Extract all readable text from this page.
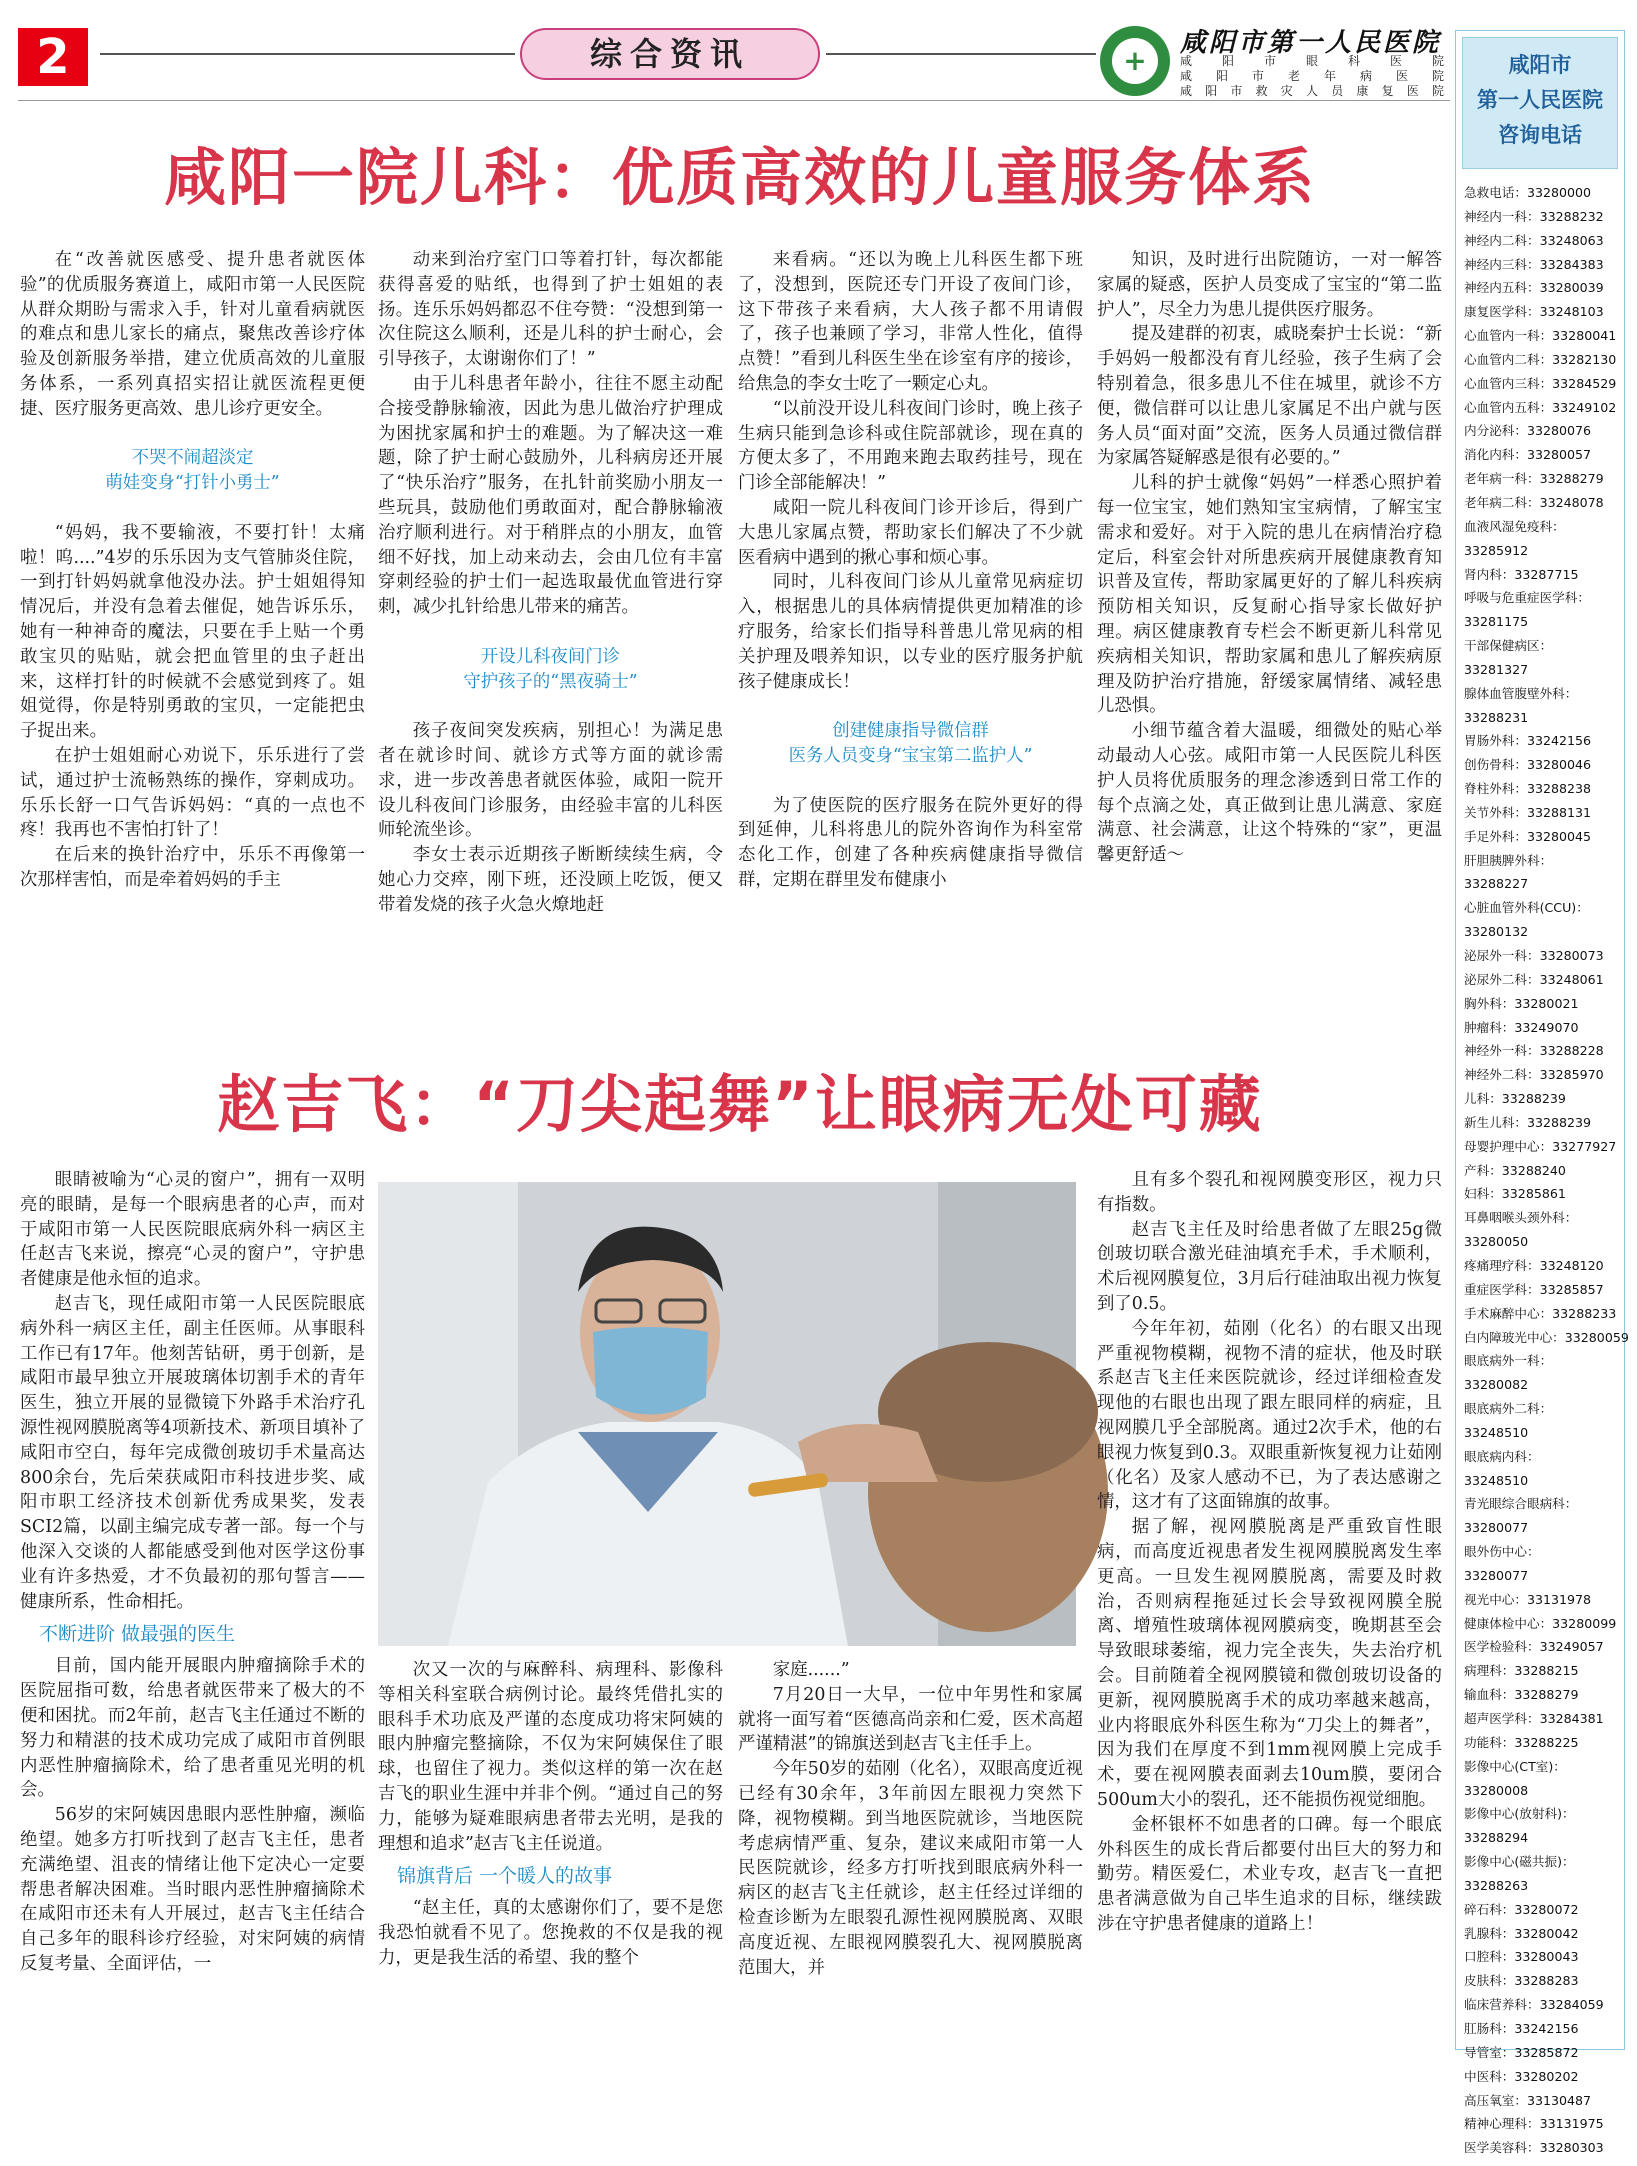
2	综合资讯	+
咸阳市第一人民医院
咸阳市眼科医院
咸阳市老年病医院
咸阳市救灾人员康复医院
咸阳市
第一人民医院
咨询电话
急救电话：33280000
神经内一科：33288232
神经内二科：33248063
神经内三科：33284383
神经内五科：33280039
康复医学科：33248103
心血管内一科：33280041
心血管内二科：33282130
心血管内三科：33284529
心血管内五科：33249102
内分泌科：33280076
消化内科：33280057
老年病一科：33288279
老年病二科：33248078
血液风湿免疫科：
33285912
肾内科：33287715
呼吸与危重症医学科：
33281175
干部保健病区：
33281327
腺体血管腹壁外科：
33288231
胃肠外科：33242156
创伤骨科：33280046
脊柱外科：33288238
关节外科：33288131
手足外科：33280045
肝胆胰脾外科：
33288227
心脏血管外科(CCU)：
33280132
泌尿外一科：33280073
泌尿外二科：33248061
胸外科：33280021
肿瘤科：33249070
神经外一科：33288228
神经外二科：33285970
儿科：33288239
新生儿科：33288239
母婴护理中心：33277927
产科：33288240
妇科：33285861
耳鼻咽喉头颈外科：
33280050
疼痛理疗科：33248120
重症医学科：33285857
手术麻醉中心：33288233
白内障玻光中心：33280059
眼底病外一科：
33280082
眼底病外二科：
33248510
眼底病内科：
33248510
青光眼综合眼病科：
33280077
眼外伤中心：
33280077
视光中心：33131978
健康体检中心：33280099
医学检验科：33249057
病理科：33288215
输血科：33288279
超声医学科：33284381
功能科：33288225
影像中心(CT室)：
33280008
影像中心(放射科)：
33288294
影像中心(磁共振)：
33288263
碎石科：33280072
乳腺科：33280042
口腔科：33280043
皮肤科：33288283
临床营养科：33284059
肛肠科：33242156
导管室：33285872
中医科：33280202
高压氧室：33130487
精神心理科：33131975
医学美容科：33280303
咸阳一院儿科：优质高效的儿童服务体系

在“改善就医感受、提升患者就医体验”的优质服务赛道上，咸阳市第一人民医院从群众期盼与需求入手，针对儿童看病就医的难点和患儿家长的痛点，聚焦改善诊疗体验及创新服务举措，建立优质高效的儿童服务体系，一系列真招实招让就医流程更便捷、医疗服务更高效、患儿诊疗更安全。

不哭不闹超淡定

萌娃变身“打针小勇士”

“妈妈，我不要输液，不要打针！太痛啦！呜....”4岁的乐乐因为支气管肺炎住院，一到打针妈妈就拿他没办法。护士姐姐得知情况后，并没有急着去催促，她告诉乐乐，她有一种神奇的魔法，只要在手上贴一个勇敢宝贝的贴贴，就会把血管里的虫子赶出来，这样打针的时候就不会感觉到疼了。姐姐觉得，你是特别勇敢的宝贝，一定能把虫子捉出来。

在护士姐姐耐心劝说下，乐乐进行了尝试，通过护士流畅熟练的操作，穿刺成功。乐乐长舒一口气告诉妈妈：“真的一点也不疼！我再也不害怕打针了！

在后来的换针治疗中，乐乐不再像第一次那样害怕，而是牵着妈妈的手主

动来到治疗室门口等着打针，每次都能获得喜爱的贴纸，也得到了护士姐姐的表扬。连乐乐妈妈都忍不住夸赞：“没想到第一次住院这么顺利，还是儿科的护士耐心，会引导孩子，太谢谢你们了！”

由于儿科患者年龄小，往往不愿主动配合接受静脉输液，因此为患儿做治疗护理成为困扰家属和护士的难题。为了解决这一难题，除了护士耐心鼓励外，儿科病房还开展了“快乐治疗”服务，在扎针前奖励小朋友一些玩具，鼓励他们勇敢面对，配合静脉输液治疗顺利进行。对于稍胖点的小朋友，血管细不好找，加上动来动去，会由几位有丰富穿刺经验的护士们一起选取最优血管进行穿刺，减少扎针给患儿带来的痛苦。

开设儿科夜间门诊

守护孩子的“黑夜骑士”

孩子夜间突发疾病，别担心！为满足患者在就诊时间、就诊方式等方面的就诊需求，进一步改善患者就医体验，咸阳一院开设儿科夜间门诊服务，由经验丰富的儿科医师轮流坐诊。

李女士表示近期孩子断断续续生病，令她心力交瘁，刚下班，还没顾上吃饭，便又带着发烧的孩子火急火燎地赶

来看病。“还以为晚上儿科医生都下班了，没想到，医院还专门开设了夜间门诊，这下带孩子来看病，大人孩子都不用请假了，孩子也兼顾了学习，非常人性化，值得点赞！”看到儿科医生坐在诊室有序的接诊，给焦急的李女士吃了一颗定心丸。

“以前没开设儿科夜间门诊时，晚上孩子生病只能到急诊科或住院部就诊，现在真的方便太多了，不用跑来跑去取药挂号，现在门诊全部能解决！”

咸阳一院儿科夜间门诊开诊后，得到广大患儿家属点赞，帮助家长们解决了不少就医看病中遇到的揪心事和烦心事。

同时，儿科夜间门诊从儿童常见病症切入，根据患儿的具体病情提供更加精准的诊疗服务，给家长们指导科普患儿常见病的相关护理及喂养知识，以专业的医疗服务护航孩子健康成长！

创建健康指导微信群

医务人员变身“宝宝第二监护人”

为了使医院的医疗服务在院外更好的得到延伸，儿科将患儿的院外咨询作为科室常态化工作，创建了各种疾病健康指导微信群，定期在群里发布健康小

知识，及时进行出院随访，一对一解答家属的疑惑，医护人员变成了宝宝的“第二监护人”，尽全力为患儿提供医疗服务。

提及建群的初衷，戚晓秦护士长说：“新手妈妈一般都没有育儿经验，孩子生病了会特别着急，很多患儿不住在城里，就诊不方便，微信群可以让患儿家属足不出户就与医务人员“面对面”交流，医务人员通过微信群为家属答疑解惑是很有必要的。”

儿科的护士就像“妈妈”一样悉心照护着每一位宝宝，她们熟知宝宝病情，了解宝宝需求和爱好。对于入院的患儿在病情治疗稳定后，科室会针对所患疾病开展健康教育知识普及宣传，帮助家属更好的了解儿科疾病预防相关知识，反复耐心指导家长做好护理。病区健康教育专栏会不断更新儿科常见疾病相关知识，帮助家属和患儿了解疾病原理及防护治疗措施，舒缓家属情绪、减轻患儿恐惧。

小细节蕴含着大温暖，细微处的贴心举动最动人心弦。咸阳市第一人民医院儿科医护人员将优质服务的理念渗透到日常工作的每个点滴之处，真正做到让患儿满意、家庭满意、社会满意，让这个特殊的“家”，更温馨更舒适～

赵吉飞：“刀尖起舞”让眼病无处可藏

眼睛被喻为“心灵的窗户”，拥有一双明亮的眼睛，是每一个眼病患者的心声，而对于咸阳市第一人民医院眼底病外科一病区主任赵吉飞来说，擦亮“心灵的窗户”，守护患者健康是他永恒的追求。

赵吉飞，现任咸阳市第一人民医院眼底病外科一病区主任，副主任医师。从事眼科工作已有17年。他刻苦钻研，勇于创新，是咸阳市最早独立开展玻璃体切割手术的青年医生，独立开展的显微镜下外路手术治疗孔源性视网膜脱离等4项新技术、新项目填补了咸阳市空白，每年完成微创玻切手术量高达800余台，先后荣获咸阳市科技进步奖、咸阳市职工经济技术创新优秀成果奖，发表SCI2篇，以副主编完成专著一部。每一个与他深入交谈的人都能感受到他对医学这份事业有许多热爱，才不负最初的那句誓言——健康所系，性命相托。

不断进阶 做最强的医生

目前，国内能开展眼内肿瘤摘除手术的医院屈指可数，给患者就医带来了极大的不便和困扰。而2年前，赵吉飞主任通过不断的努力和精湛的技术成功完成了咸阳市首例眼内恶性肿瘤摘除术，给了患者重见光明的机会。

56岁的宋阿姨因患眼内恶性肿瘤，濒临绝望。她多方打听找到了赵吉飞主任，患者充满绝望、沮丧的情绪让他下定决心一定要帮患者解决困难。当时眼内恶性肿瘤摘除术在咸阳市还未有人开展过，赵吉飞主任结合自己多年的眼科诊疗经验，对宋阿姨的病情反复考量、全面评估，一

次又一次的与麻醉科、病理科、影像科等相关科室联合病例讨论。最终凭借扎实的眼科手术功底及严谨的态度成功将宋阿姨的眼内肿瘤完整摘除，不仅为宋阿姨保住了眼球，也留住了视力。类似这样的第一次在赵吉飞的职业生涯中并非个例。“通过自己的努力，能够为疑难眼病患者带去光明，是我的理想和追求”赵吉飞主任说道。

锦旗背后 一个暖人的故事

“赵主任，真的太感谢你们了，要不是您我恐怕就看不见了。您挽救的不仅是我的视力，更是我生活的希望、我的整个

家庭......”

7月20日一大早，一位中年男性和家属就将一面写着“医德高尚亲和仁爱，医术高超严谨精湛”的锦旗送到赵吉飞主任手上。

今年50岁的茹刚（化名），双眼高度近视已经有30余年，3年前因左眼视力突然下降，视物模糊。到当地医院就诊，当地医院考虑病情严重、复杂，建议来咸阳市第一人民医院就诊，经多方打听找到眼底病外科一病区的赵吉飞主任就诊，赵主任经过详细的检查诊断为左眼裂孔源性视网膜脱离、双眼高度近视、左眼视网膜裂孔大、视网膜脱离范围大，并

且有多个裂孔和视网膜变形区，视力只有指数。

赵吉飞主任及时给患者做了左眼25g微创玻切联合激光硅油填充手术，手术顺利，术后视网膜复位，3月后行硅油取出视力恢复到了0.5。

今年年初，茹刚（化名）的右眼又出现严重视物模糊，视物不清的症状，他及时联系赵吉飞主任来医院就诊，经过详细检查发现他的右眼也出现了跟左眼同样的病症，且视网膜几乎全部脱离。通过2次手术，他的右眼视力恢复到0.3。双眼重新恢复视力让茹刚（化名）及家人感动不已，为了表达感谢之情，这才有了这面锦旗的故事。

据了解，视网膜脱离是严重致盲性眼病，而高度近视患者发生视网膜脱离发生率更高。一旦发生视网膜脱离，需要及时救治，否则病程拖延过长会导致视网膜全脱离、增殖性玻璃体视网膜病变，晚期甚至会导致眼球萎缩，视力完全丧失，失去治疗机会。目前随着全视网膜镜和微创玻切设备的更新，视网膜脱离手术的成功率越来越高，业内将眼底外科医生称为“刀尖上的舞者”，因为我们在厚度不到1mm视网膜上完成手术，要在视网膜表面剥去10um膜，要闭合500um大小的裂孔，还不能损伤视觉细胞。

金杯银杯不如患者的口碑。每一个眼底外科医生的成长背后都要付出巨大的努力和勤劳。精医爱仁，术业专攻，赵吉飞一直把患者满意做为自己毕生追求的目标，继续跋涉在守护患者健康的道路上！
